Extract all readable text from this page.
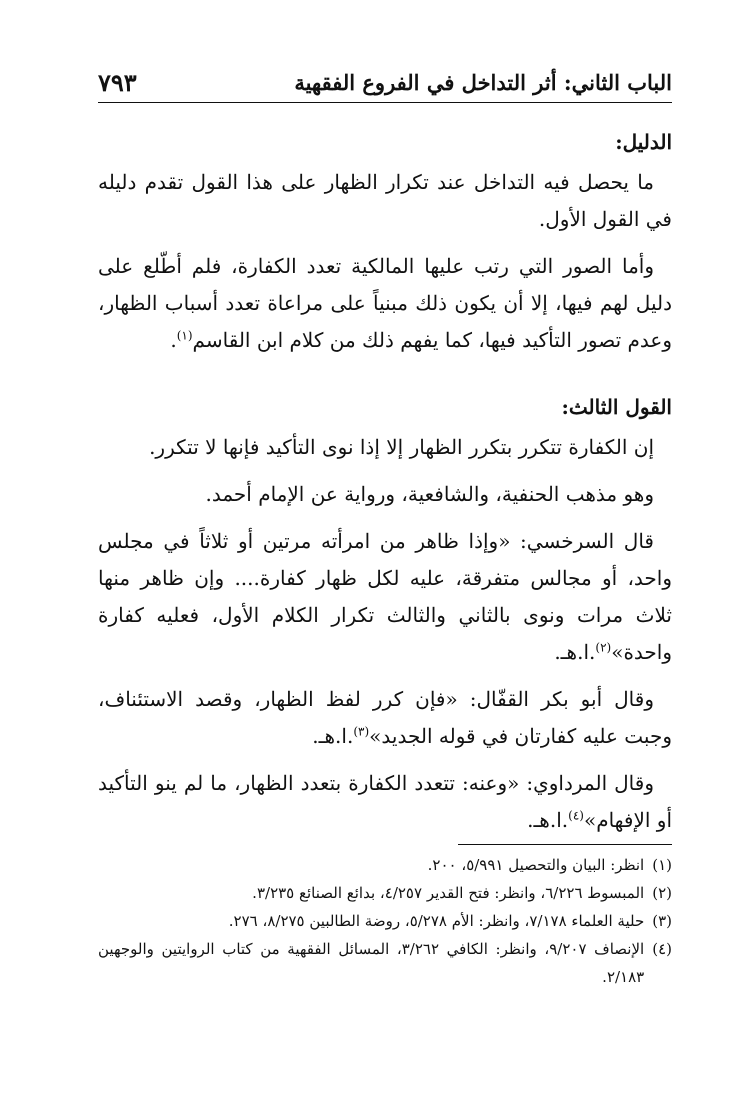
الباب الثاني: أثر التداخل في الفروع الفقهية
٧٩٣
الدليل:

ما يحصل فيه التداخل عند تكرار الظهار على هذا القول تقدم دليله في القول الأول.

وأما الصور التي رتب عليها المالكية تعدد الكفارة، فلم أطّلع على دليل لهم فيها، إلا أن يكون ذلك مبنياً على مراعاة تعدد أسباب الظهار، وعدم تصور التأكيد فيها، كما يفهم ذلك من كلام ابن القاسم$^{(١)}$.

القول الثالث:

إن الكفارة تتكرر بتكرر الظهار إلا إذا نوى التأكيد فإنها لا تتكرر.

وهو مذهب الحنفية، والشافعية، ورواية عن الإمام أحمد.

قال السرخسي: «وإذا ظاهر من امرأته مرتين أو ثلاثاً في مجلس واحد، أو مجالس متفرقة، عليه لكل ظهار كفارة.... وإن ظاهر منها ثلاث مرات ونوى بالثاني والثالث تكرار الكلام الأول، فعليه كفارة واحدة»$^{(٢)}$.ا.هـ.

وقال أبو بكر القفّال: «فإن كرر لفظ الظهار، وقصد الاستئناف، وجبت عليه كفارتان في قوله الجديد»$^{(٣)}$.ا.هـ.

وقال المرداوي: «وعنه: تتعدد الكفارة بتعدد الظهار، ما لم ينو التأكيد أو الإفهام»$^{(٤)}$.ا.هـ.

(١)
انظر: البيان والتحصيل ٥/٩٩١، ٢٠٠.
(٢)
المبسوط ٦/٢٢٦، وانظر: فتح القدير ٤/٢٥٧، بدائع الصنائع ٣/٢٣٥.
(٣)
حلية العلماء ٧/١٧٨، وانظر: الأم ٥/٢٧٨، روضة الطالبين ٨/٢٧٥، ٢٧٦.
(٤)
الإنصاف ٩/٢٠٧، وانظر: الكافي ٣/٢٦٢، المسائل الفقهية من كتاب الروايتين والوجهين ٢/١٨٣.
